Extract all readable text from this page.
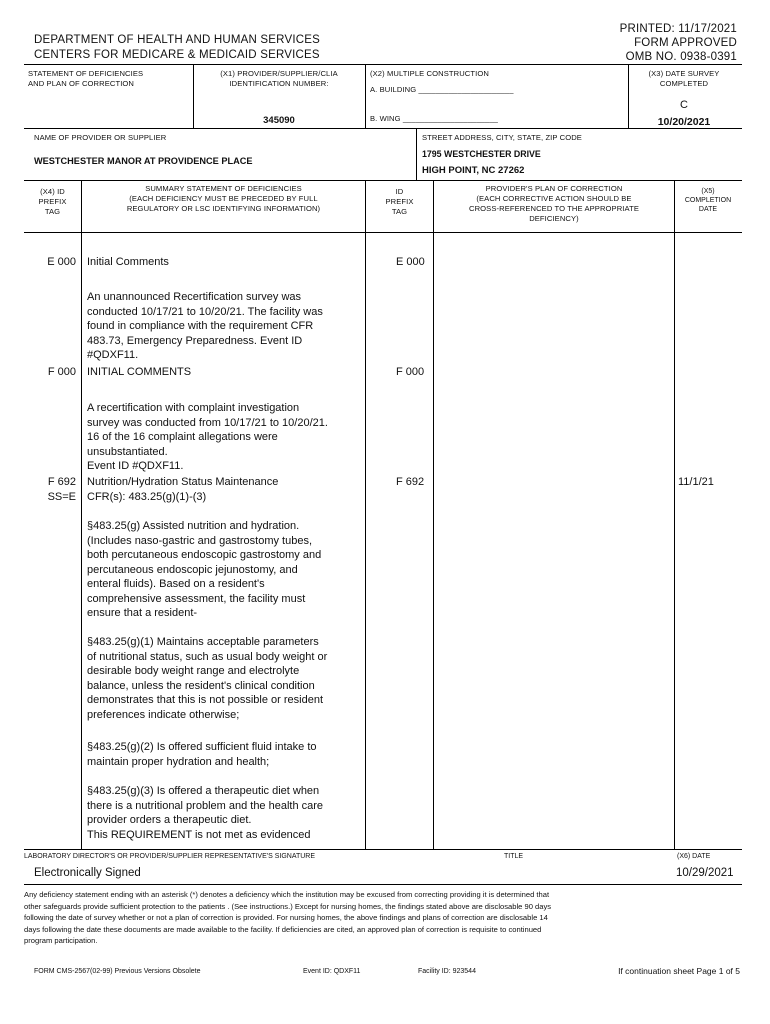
DEPARTMENT OF HEALTH AND HUMAN SERVICES
CENTERS FOR MEDICARE & MEDICAID SERVICES
PRINTED: 11/17/2021
FORM APPROVED
OMB NO. 0938-0391
STATEMENT OF DEFICIENCIES
AND PLAN OF CORRECTION
(X1) PROVIDER/SUPPLIER/CLIA
IDENTIFICATION NUMBER:
345090
(X2) MULTIPLE CONSTRUCTION
A. BUILDING ______________________
B. WING ______________________
(X3) DATE SURVEY
COMPLETED
C
10/20/2021
NAME OF PROVIDER OR SUPPLIER
WESTCHESTER MANOR AT PROVIDENCE PLACE
STREET ADDRESS, CITY, STATE, ZIP CODE
1795 WESTCHESTER DRIVE
HIGH POINT, NC 27262
(X4) ID
PREFIX
TAG
SUMMARY STATEMENT OF DEFICIENCIES
(EACH DEFICIENCY MUST BE PRECEDED BY FULL
REGULATORY OR LSC IDENTIFYING INFORMATION)
ID
PREFIX
TAG
PROVIDER'S PLAN OF CORRECTION
(EACH CORRECTIVE ACTION SHOULD BE
CROSS-REFERENCED TO THE APPROPRIATE
DEFICIENCY)
(X5)
COMPLETION
DATE
E 000 Initial Comments	E 000
An unannounced Recertification survey was
conducted 10/17/21 to 10/20/21. The facility was
found in compliance with the requirement CFR
483.73, Emergency Preparedness. Event ID
#QDXF11.
F 000 INITIAL COMMENTS	F 000
A recertification with complaint investigation
survey was conducted from 10/17/21 to 10/20/21.
16 of the 16 complaint allegations were
unsubstantiated.
Event ID #QDXF11.
F 692
SS=E
Nutrition/Hydration Status Maintenance
CFR(s): 483.25(g)(1)-(3)
F 692	11/1/21
§483.25(g) Assisted nutrition and hydration.
(Includes naso-gastric and gastrostomy tubes,
both percutaneous endoscopic gastrostomy and
percutaneous endoscopic jejunostomy, and
enteral fluids). Based on a resident's
comprehensive assessment, the facility must
ensure that a resident-
§483.25(g)(1) Maintains acceptable parameters
of nutritional status, such as usual body weight or
desirable body weight range and electrolyte
balance, unless the resident's clinical condition
demonstrates that this is not possible or resident
preferences indicate otherwise;
§483.25(g)(2) Is offered sufficient fluid intake to
maintain proper hydration and health;
§483.25(g)(3) Is offered a therapeutic diet when
there is a nutritional problem and the health care
provider orders a therapeutic diet.
This REQUIREMENT is not met as evidenced
LABORATORY DIRECTOR'S OR PROVIDER/SUPPLIER REPRESENTATIVE'S SIGNATURE
Electronically Signed
TITLE	(X6) DATE
10/29/2021
Any deficiency statement ending with an asterisk (*) denotes a deficiency which the institution may be excused from correcting providing it is determined that
other safeguards provide sufficient protection to the patients . (See instructions.) Except for nursing homes, the findings stated above are disclosable 90 days
following the date of survey whether or not a plan of correction is provided. For nursing homes, the above findings and plans of correction are disclosable 14
days following the date these documents are made available to the facility. If deficiencies are cited, an approved plan of correction is requisite to continued
program participation.
FORM CMS-2567(02-99) Previous Versions Obsolete	Event ID: QDXF11	Facility ID: 923544	If continuation sheet Page 1 of 5
